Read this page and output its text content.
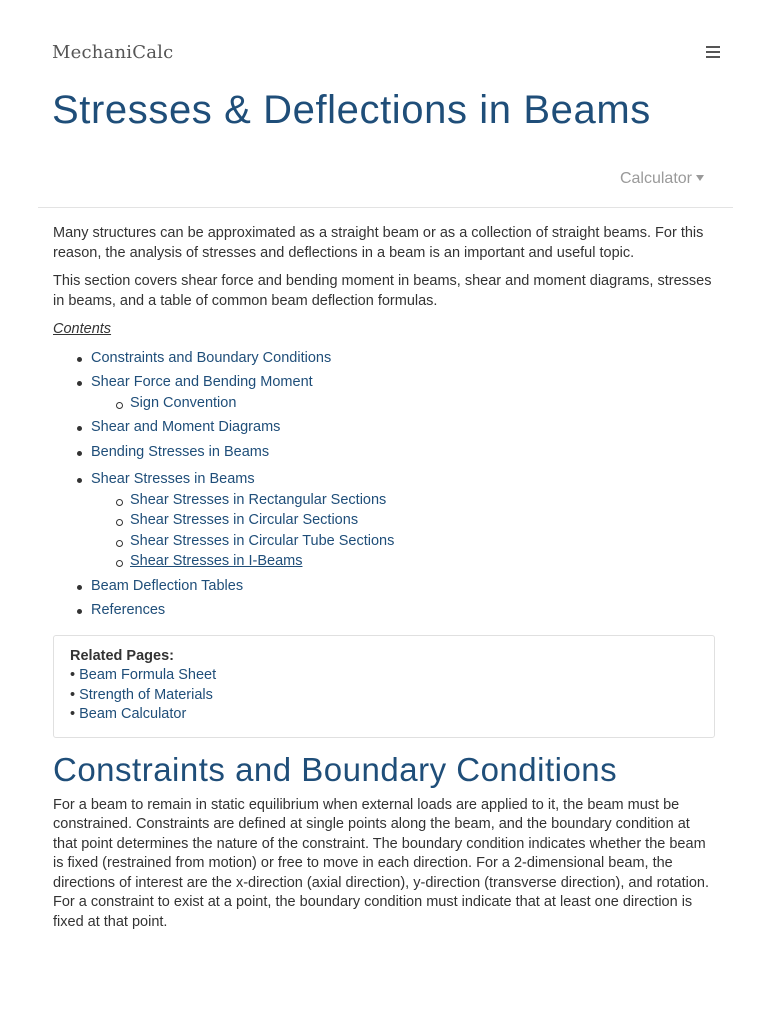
MechaniCalc
Stresses & Deflections in Beams
Calculator

Many structures can be approximated as a straight beam or as a collection of straight beams. For this reason, the analysis of stresses and deflections in a beam is an important and useful topic.

This section covers shear force and bending moment in beams, shear and moment diagrams, stresses in beams, and a table of common beam deflection formulas.

Contents
Constraints and Boundary Conditions
Shear Force and Bending Moment
Sign Convention
Shear and Moment Diagrams
Bending Stresses in Beams
Shear Stresses in Beams
Shear Stresses in Rectangular Sections
Shear Stresses in Circular Sections
Shear Stresses in Circular Tube Sections
Shear Stresses in I-Beams
Beam Deflection Tables
References
Related Pages:
• Beam Formula Sheet
• Strength of Materials
• Beam Calculator
Constraints and Boundary Conditions

For a beam to remain in static equilibrium when external loads are applied to it, the beam must be constrained. Constraints are defined at single points along the beam, and the boundary condition at that point determines the nature of the constraint. The boundary condition indicates whether the beam is fixed (restrained from motion) or free to move in each direction. For a 2-dimensional beam, the directions of interest are the x-direction (axial direction), y-direction (transverse direction), and rotation. For a constraint to exist at a point, the boundary condition must indicate that at least one direction is fixed at that point.
